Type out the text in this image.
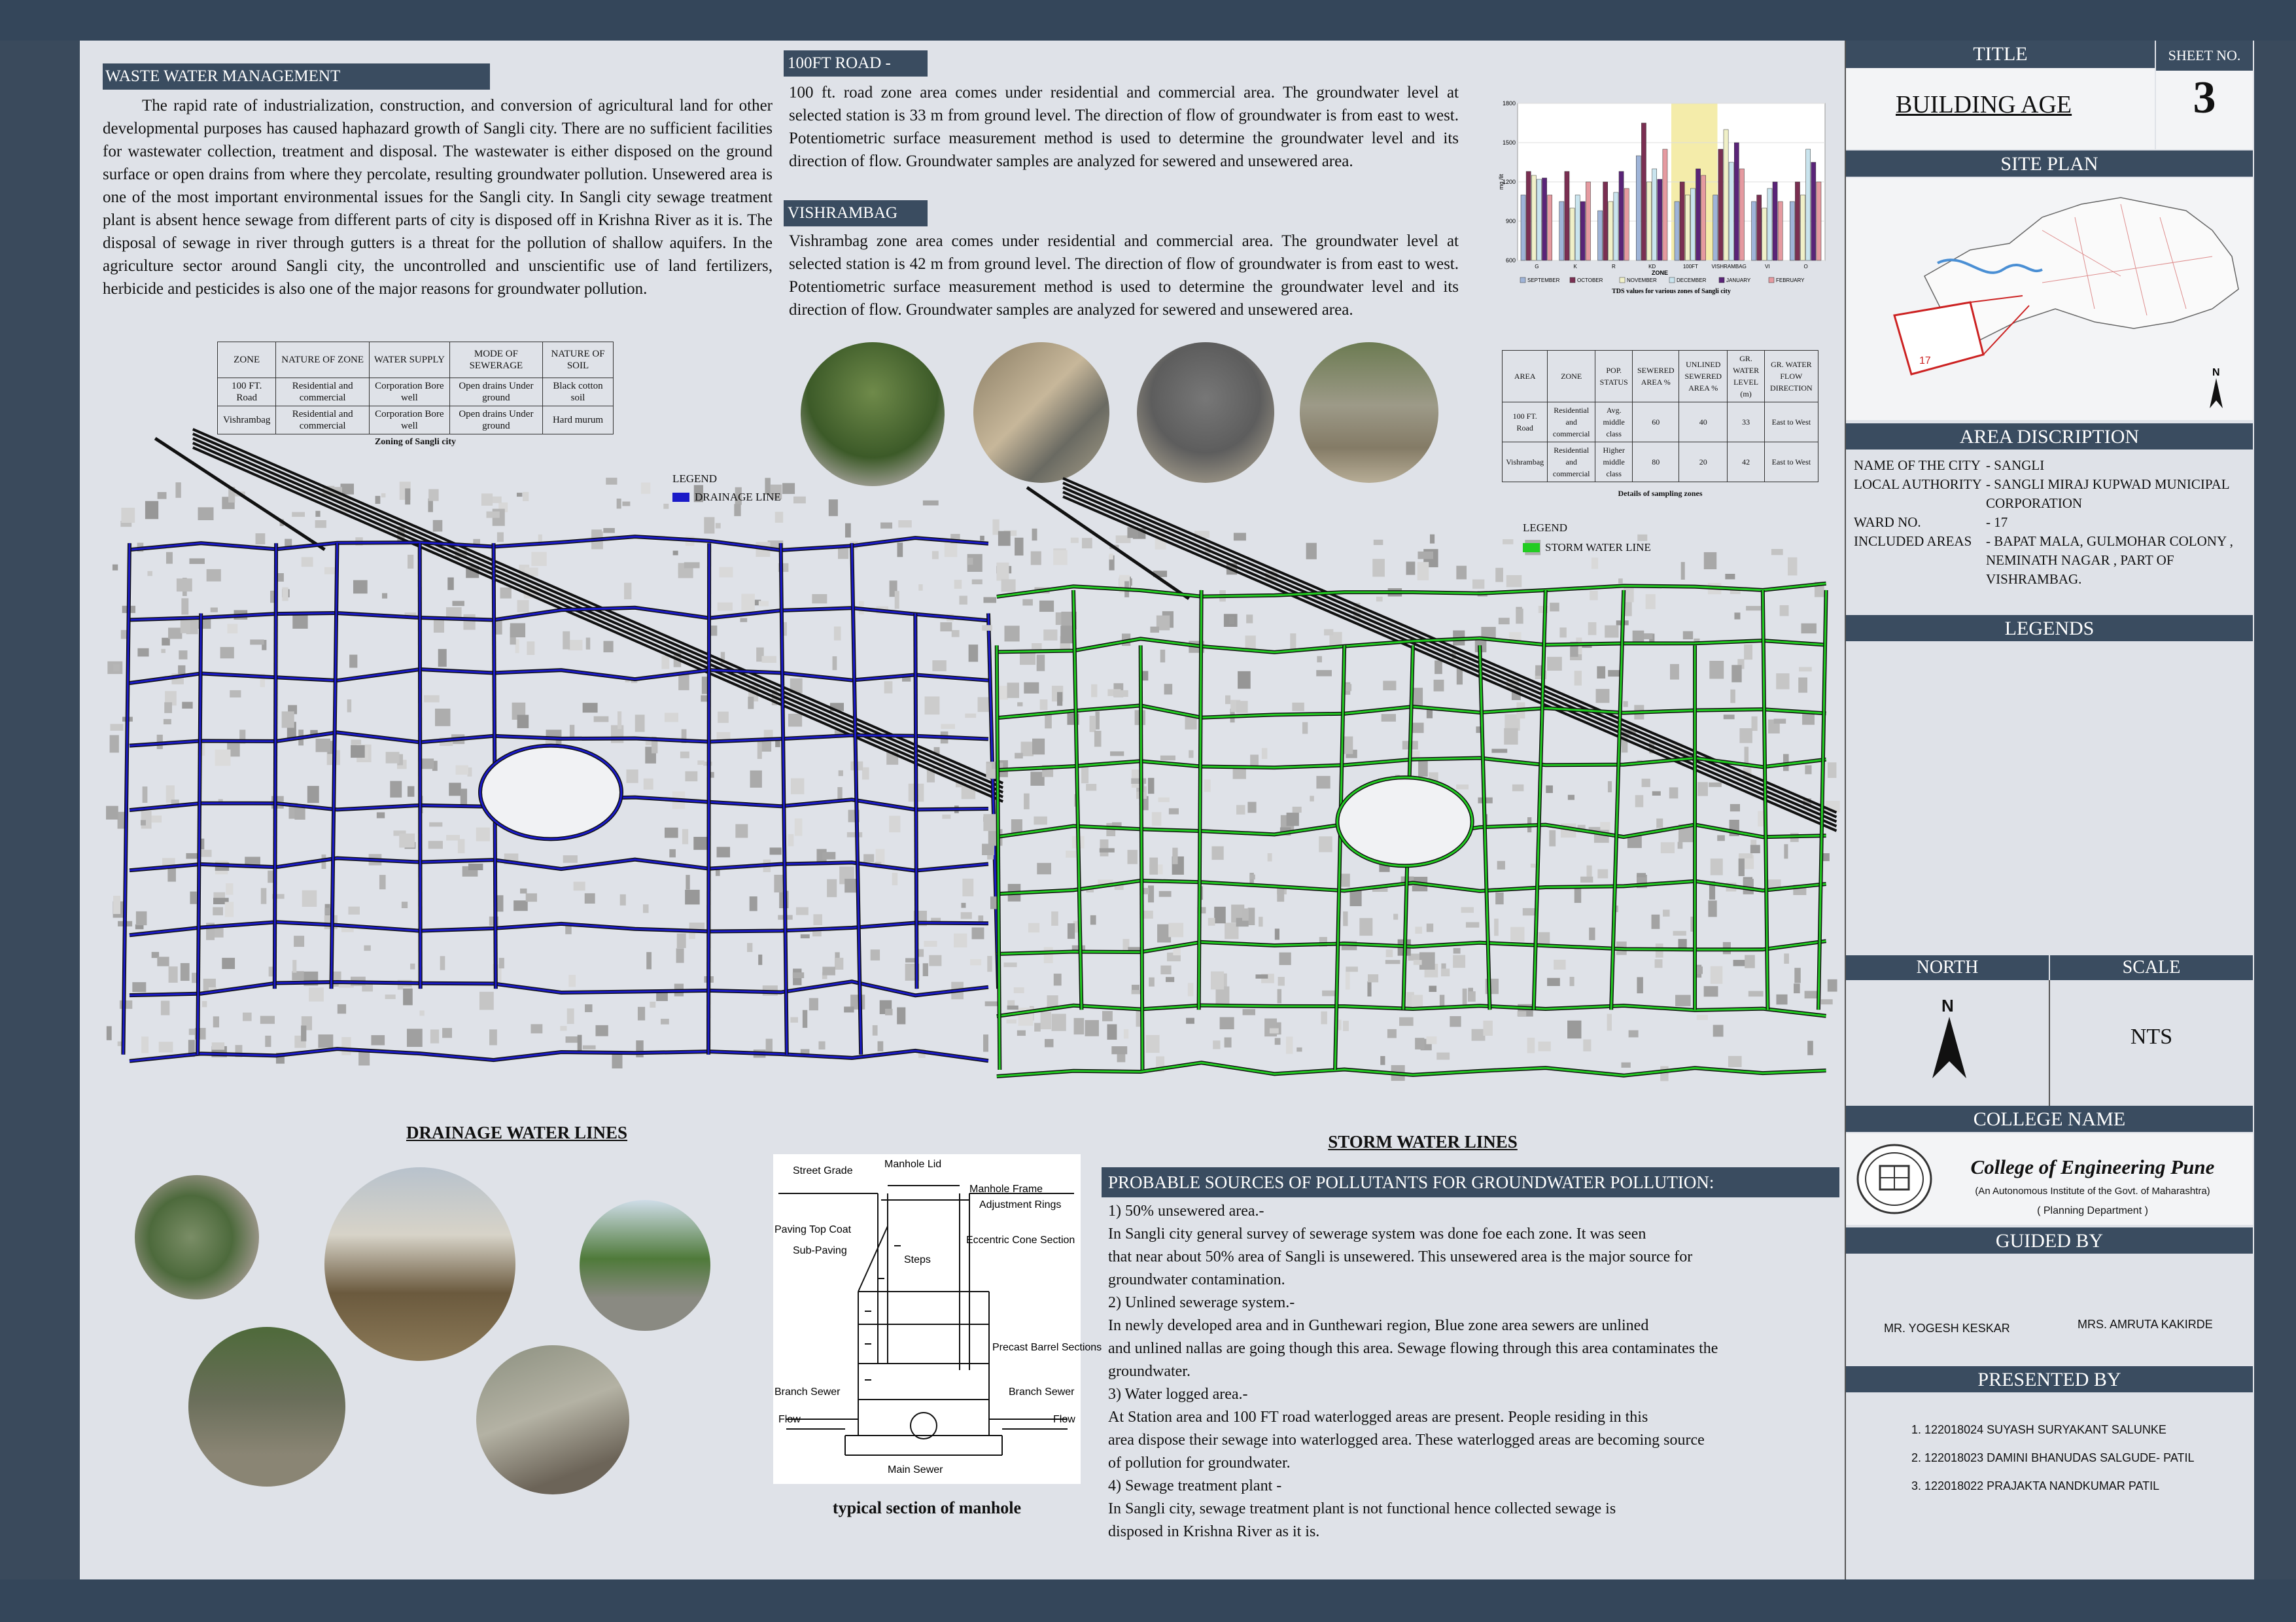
WASTE WATER MANAGEMENT
The rapid rate of industrialization, construction, and conversion of agricultural land for other developmental purposes has caused haphazard growth of Sangli city. There are no sufficient facilities for wastewater collection, treatment and disposal. The wastewater is either disposed on the ground surface or open drains from where they percolate, resulting groundwater pollution. Unsewered area is one of the most important environmental issues for the Sangli city. In Sangli city sewage treatment plant is absent hence sewage from different parts of city is disposed off in Krishna River as it is. The disposal of sewage in river through gutters is a threat for the pollution of shallow aquifers. In the agriculture sector around Sangli city, the uncontrolled and unscientific use of land fertilizers, herbicide and pesticides is also one of the major reasons for groundwater pollution.
ZONE	NATURE OF ZONE	WATER SUPPLY	MODE OF SEWERAGE	NATURE OF SOIL
100 FT. Road	Residential and commercial	Corporation Bore well	Open drains Under ground	Black cotton soil
Vishrambag	Residential and commercial	Corporation Bore well	Open drains Under ground	Hard murum
Zoning of Sangli city
100FT ROAD -
100 ft. road zone area comes under residential and commercial area. The groundwater level at selected station is 33 m from ground level. The direction of flow of groundwater is from east to west. Potentiometric surface measurement method is used to determine the groundwater level and its direction of flow. Groundwater samples are analyzed for sewered and unsewered area.
VISHRAMBAG
Vishrambag zone area comes under residential and commercial area. The groundwater level at selected station is 42 m from ground level. The direction of flow of groundwater is from east to west. Potentiometric surface measurement method is used to determine the groundwater level and its direction of flow. Groundwater samples are analyzed for sewered and unsewered area.
1800
1500
1200
900
600
mg /lit
G	K	R	KD	100FT	VISHRAMBAG	VI	O
ZONE
SEPTEMBER	OCTOBER	NOVEMBER	DECEMBER	JANUARY	FEBRUARY
TDS values for various zones of Sangli city
AREA	ZONE	POP. STATUS	SEWERED AREA %	UNLINED SEWERED AREA %	GR. WATER LEVEL (m)	GR. WATER FLOW DIRECTION
100 FT. Road	Residential and commercial	Avg. middle class	60	40	33	East to West
Vishrambag	Residential and commercial	Higher middle class	80	20	42	East to West
Details of sampling zones
LEGEND
DRAINAGE LINE
LEGEND
STORM WATER LINE
DRAINAGE WATER LINES	STORM WATER LINES
Street Grade
Manhole Lid
Manhole Frame
Adjustment Rings
Paving Top Coat
Sub-Paving
Steps
Eccentric Cone Section
Precast Barrel Sections
Branch Sewer	Branch Sewer
Flow	Flow
Main Sewer
typical section of manhole
PROBABLE SOURCES OF POLLUTANTS FOR GROUNDWATER POLLUTION:
1) 50% unsewered area.-
In Sangli city general survey of sewerage system was done foe each zone. It was seen
that near about 50% area of Sangli is unsewered. This unsewered area is the major source for
groundwater contamination.
2) Unlined sewerage system.-
In newly developed area and in Gunthewari region, Blue zone area sewers are unlined
and unlined nallas are going though this area. Sewage flowing through this area contaminates the
groundwater.
3) Water logged area.-
At Station area and 100 FT road waterlogged areas are present. People residing in this
area dispose their sewage into waterlogged area. These waterlogged areas are becoming source
of pollution for groundwater.
4) Sewage treatment plant -
In Sangli city, sewage treatment plant is not functional hence collected sewage is
disposed in Krishna River as it is.
TITLE	SHEET NO.
BUILDING AGE	3
SITE PLAN
17
N
AREA DISCRIPTION
NAME OF THE CITY - SANGLI
LOCAL AUTHORITY - SANGLI MIRAJ KUPWAD MUNICIPAL CORPORATION
WARD NO.	- 17
INCLUDED AREAS	- BAPAT MALA, GULMOHAR COLONY , NEMINATH NAGAR , PART OF VISHRAMBAG.
LEGENDS
NORTH	SCALE
N
NTS
COLLEGE NAME
College of Engineering Pune
(An Autonomous Institute of the Govt. of Maharashtra)
( Planning Department )
GUIDED BY
MR. YOGESH KESKAR	MRS. AMRUTA KAKIRDE
PRESENTED BY
1. 122018024 SUYASH SURYAKANT SALUNKE
2. 122018023 DAMINI BHANUDAS SALGUDE- PATIL
3. 122018022 PRAJAKTA NANDKUMAR PATIL
